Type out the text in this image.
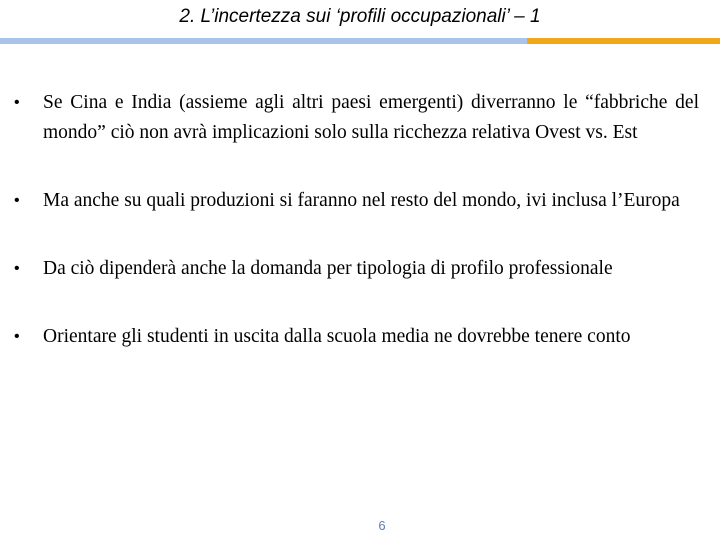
2. L’incertezza sui ‘profili occupazionali’ – 1
• Se Cina e India (assieme agli altri paesi emergenti) diverranno le “fabbriche del mondo” ciò non avrà implicazioni solo sulla ricchezza relativa Ovest vs. Est
• Ma anche su quali produzioni si faranno nel resto del mondo, ivi inclusa l’Europa
• Da ciò dipenderà anche la domanda per tipologia di profilo professionale
• Orientare gli studenti in uscita dalla scuola media ne dovrebbe tenere conto
6
